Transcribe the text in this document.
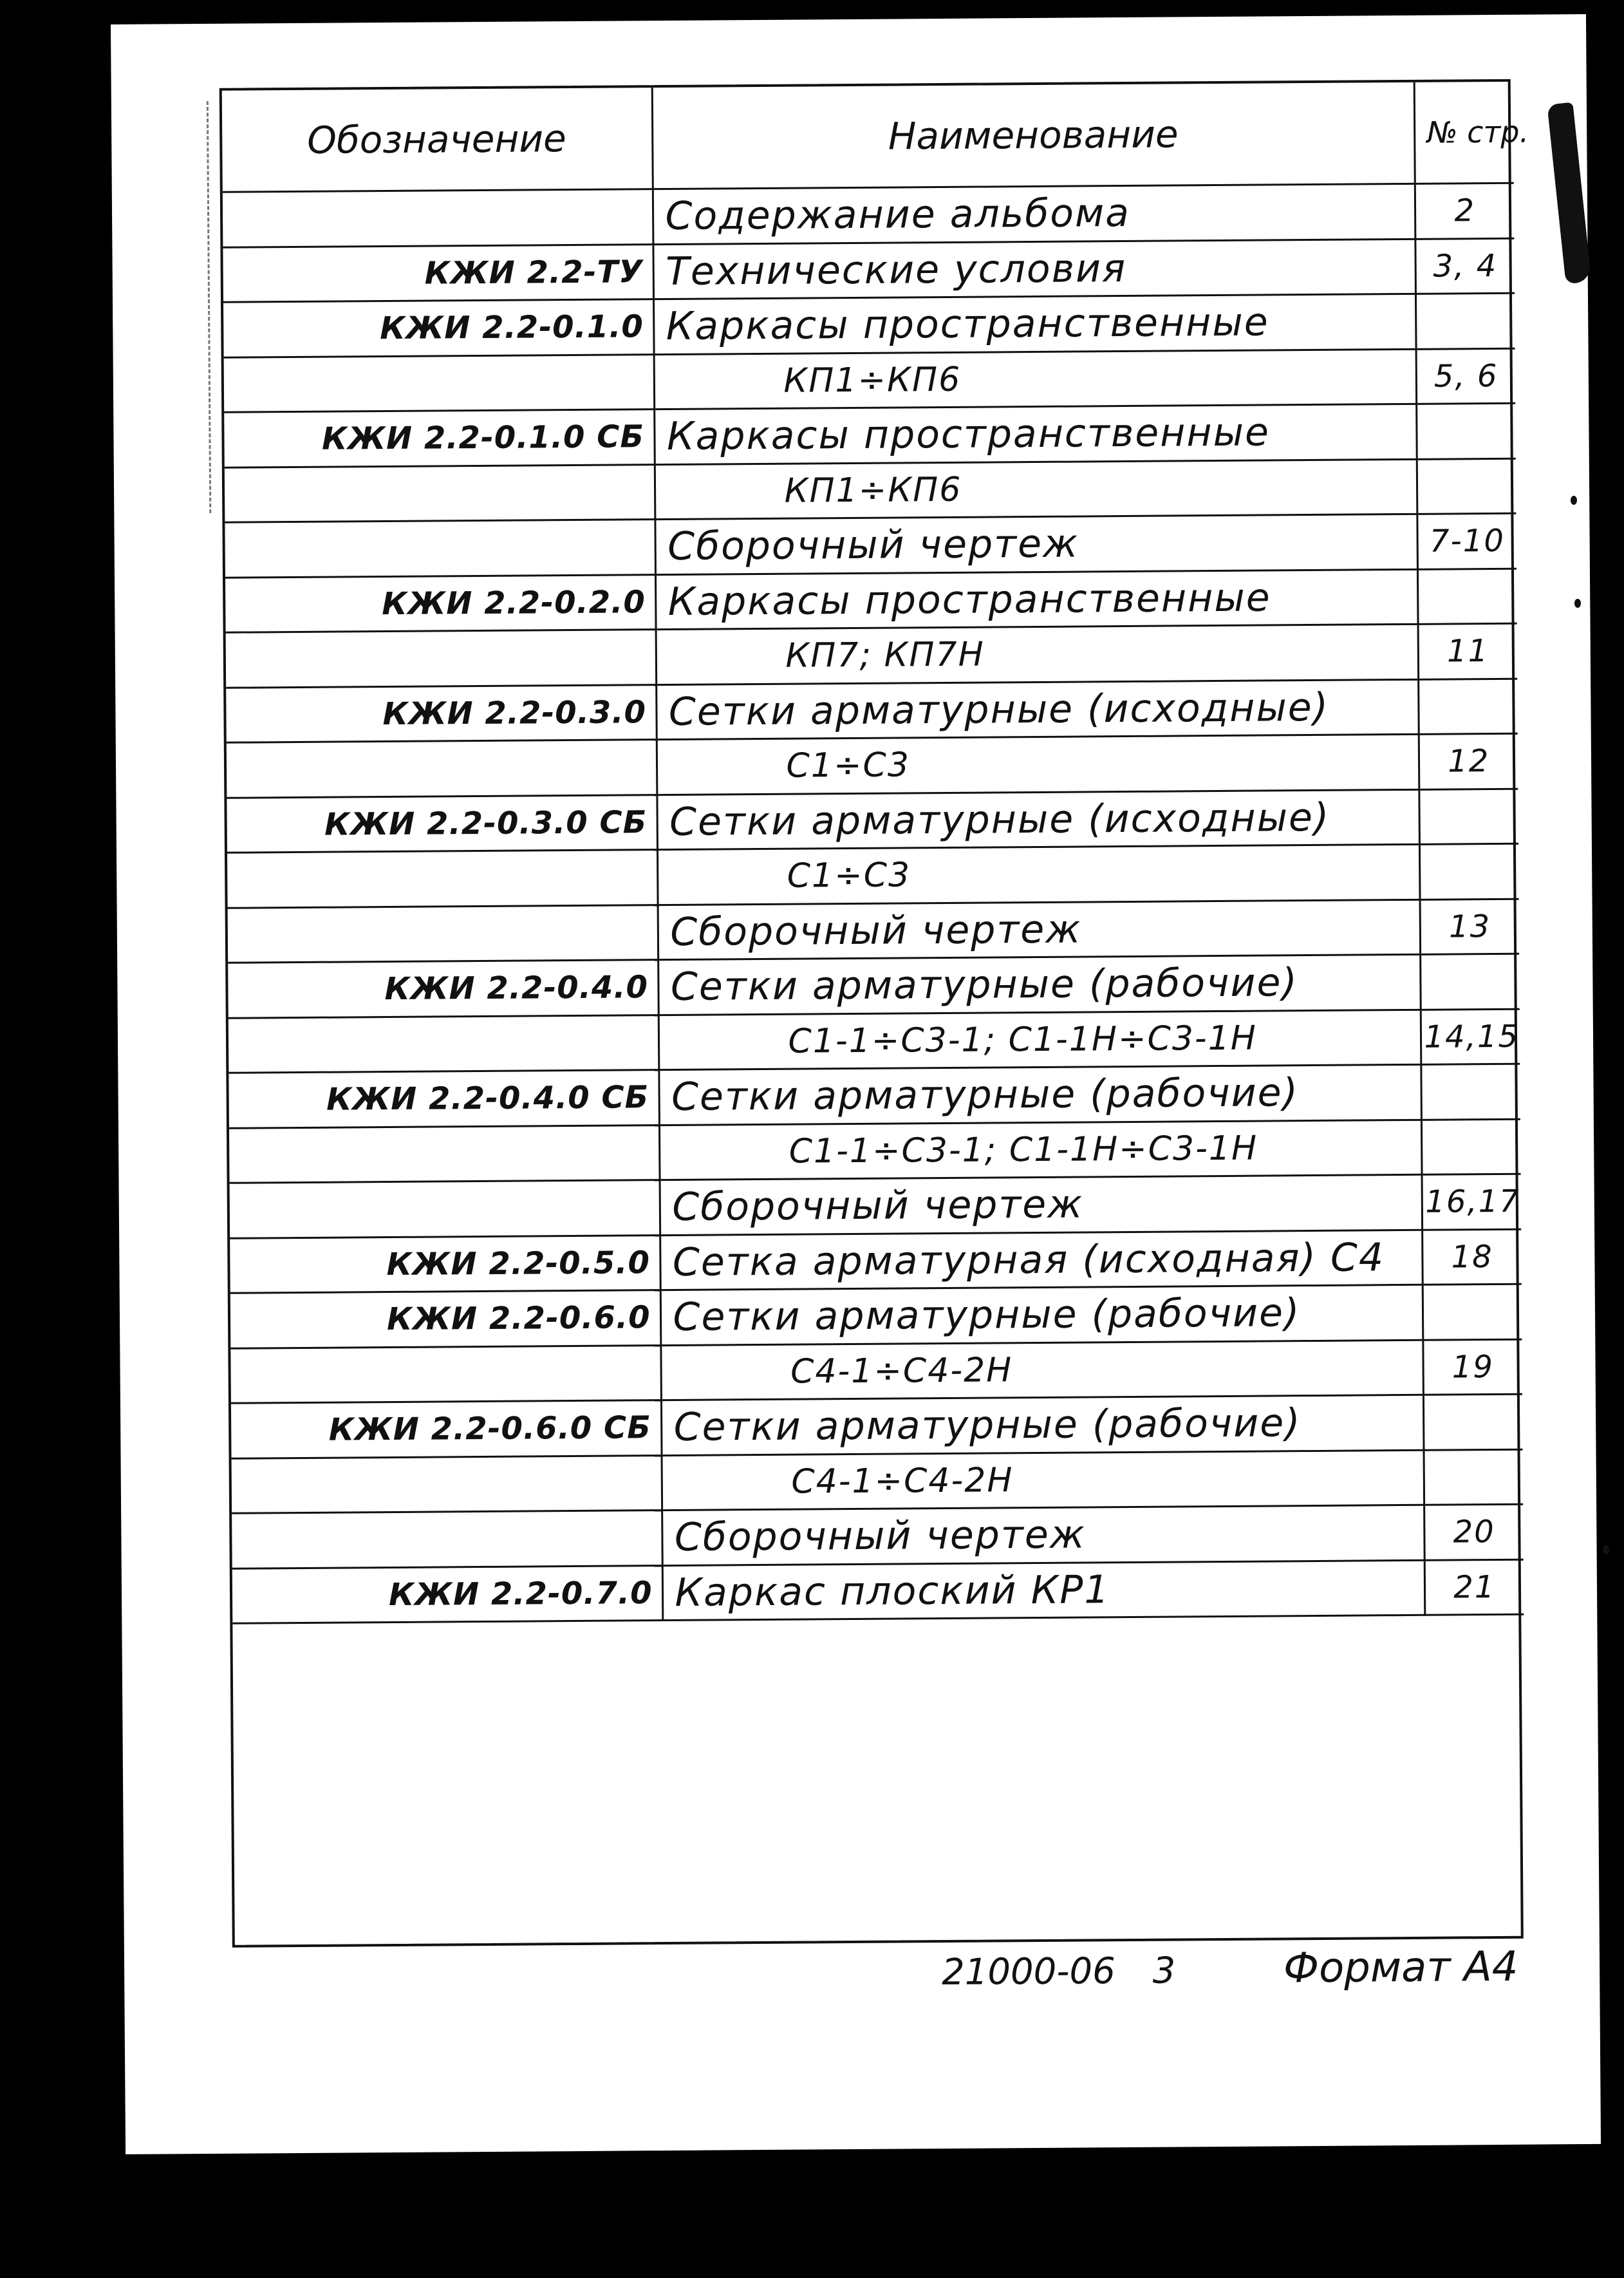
Обозначение	Наименование	№ стр.
	Содержание альбома	2
КЖИ 2.2-ТУ	Технические условия	3, 4
КЖИ 2.2-0.1.0	Каркасы пространственные	
	КП1÷КП6	5, 6
КЖИ 2.2-0.1.0 СБ	Каркасы пространственные	
	КП1÷КП6	
	Сборочный чертеж	7-10
КЖИ 2.2-0.2.0	Каркасы пространственные	
	КП7; КП7Н	11
КЖИ 2.2-0.3.0	Сетки арматурные (исходные)	
	С1÷С3	12
КЖИ 2.2-0.3.0 СБ	Сетки арматурные (исходные)	
	С1÷С3	
	Сборочный чертеж	13
КЖИ 2.2-0.4.0	Сетки арматурные (рабочие)	
	С1-1÷С3-1; С1-1Н÷С3-1Н	14,15
КЖИ 2.2-0.4.0 СБ	Сетки арматурные (рабочие)	
	С1-1÷С3-1; С1-1Н÷С3-1Н	
	Сборочный чертеж	16,17
КЖИ 2.2-0.5.0	Сетка арматурная (исходная) С4	18
КЖИ 2.2-0.6.0	Сетки арматурные (рабочие)	
	С4-1÷С4-2Н	19
КЖИ 2.2-0.6.0 СБ	Сетки арматурные (рабочие)	
	С4-1÷С4-2Н	
	Сборочный чертеж	20
КЖИ 2.2-0.7.0	Каркас плоский КР1	21
21000-06 3	Формат А4
